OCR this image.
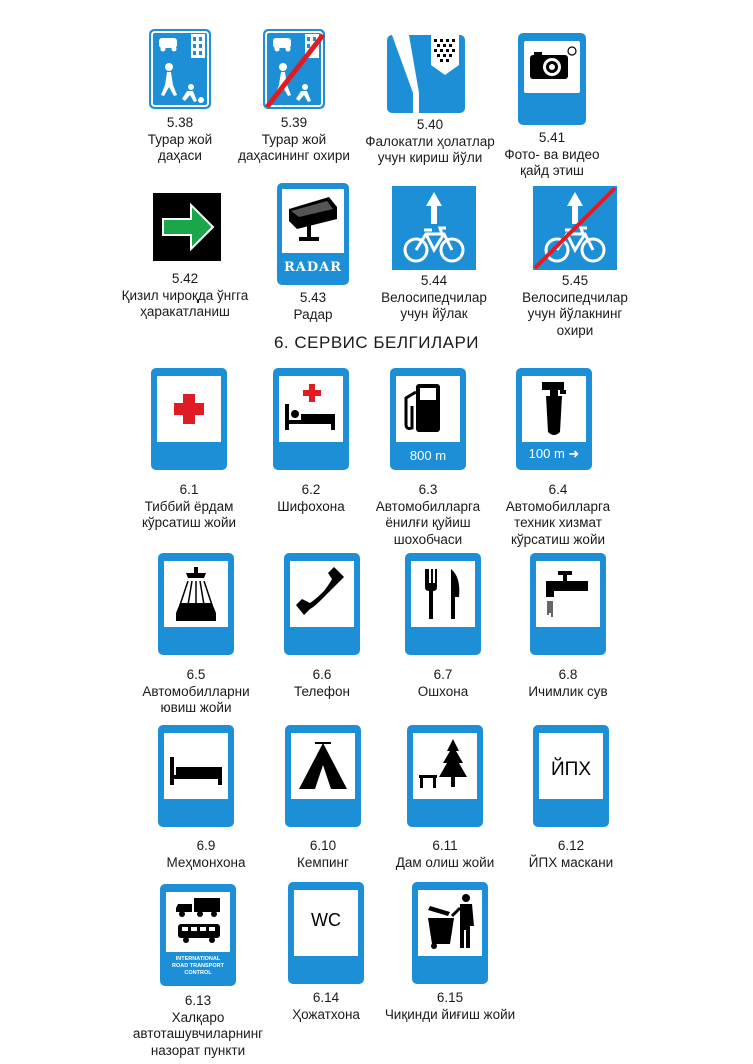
6. СЕРВИС БЕЛГИЛАРИ
5.38
Турар жой
даҳаси
5.39
Турар жой
даҳасининг охири
5.40
Фалокатли ҳолатлар
учун кириш йўли
5.41
Фото- ва видео
қайд этиш
5.42
Қизил чироқда ўнгга
ҳаракатланиш
RADAR
5.43
Радар
5.44
Велосипедчилар
учун йўлак
5.45
Велосипедчилар
учун йўлакнинг
охири
6.1
Тиббий ёрдам
кўрсатиш жойи
6.2
Шифохона
800 m
6.3
Автомобилларга
ёнилғи қуйиш
шохобчаси
100 m ➜
6.4
Автомобилларга
техник хизмат
кўрсатиш жойи
6.5
Автомобилларни
ювиш жойи
6.6
Телефон
6.7
Ошхона
6.8
Ичимлик сув
6.9
Меҳмонхона
6.10
Кемпинг
6.11
Дам олиш жойи
ЙПХ
6.12
ЙПХ маскани
INTERNATIONAL
ROAD TRANSPORT
CONTROL
6.13
Халқаро
автоташувчиларнинг
назорат пункти
WC
6.14
Ҳожатхона
6.15
Чиқинди йиғиш жойи
